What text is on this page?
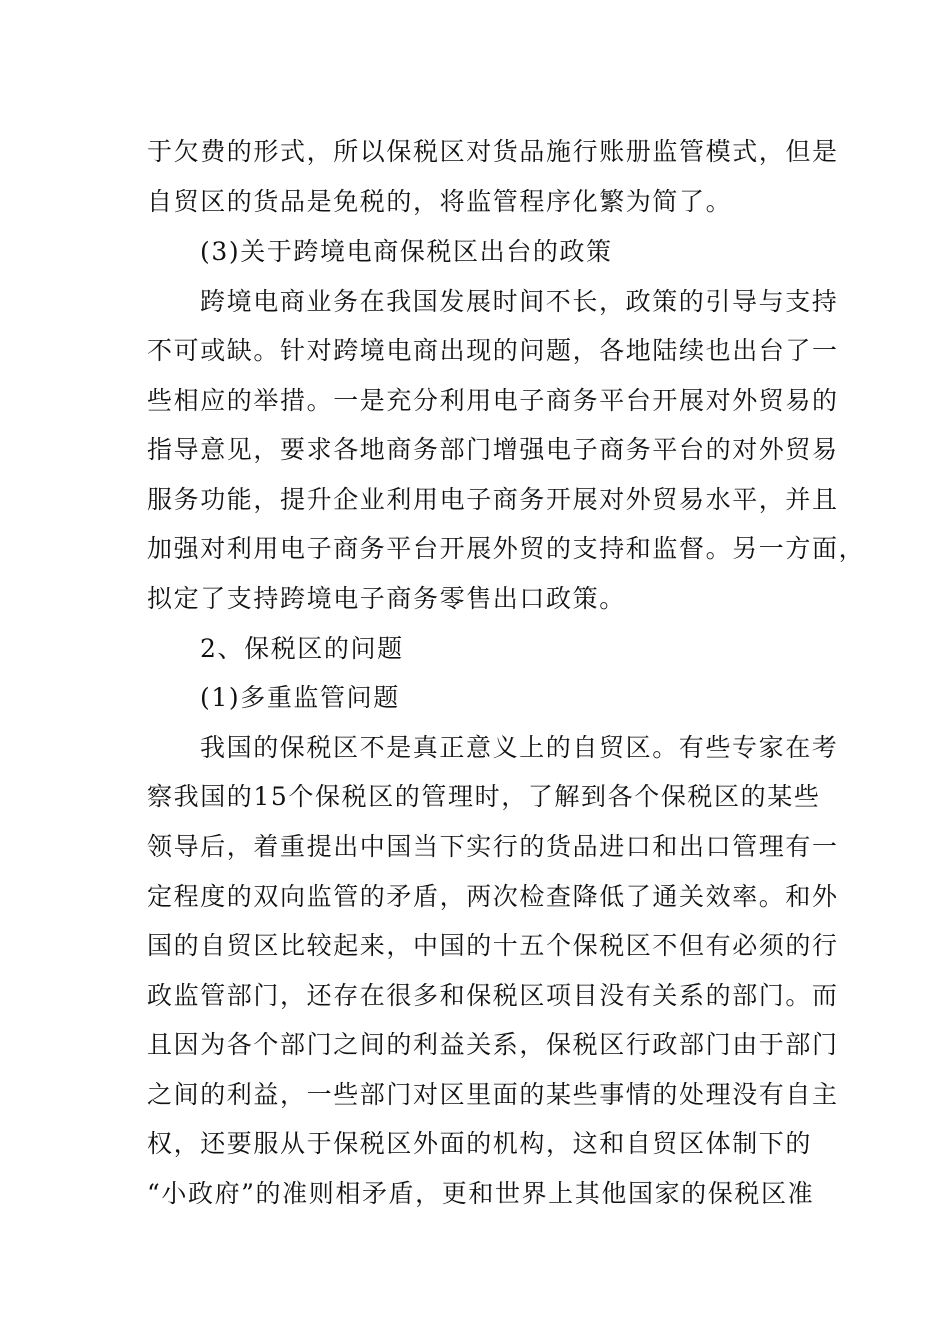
于欠费的形式，所以保税区对货品施行账册监管模式，但是
自贸区的货品是免税的，将监管程序化繁为简了。
(3)关于跨境电商保税区出台的政策
跨境电商业务在我国发展时间不长，政策的引导与支持
不可或缺。针对跨境电商出现的问题，各地陆续也出台了一
些相应的举措。一是充分利用电子商务平台开展对外贸易的
指导意见，要求各地商务部门增强电子商务平台的对外贸易
服务功能，提升企业利用电子商务开展对外贸易水平，并且
加强对利用电子商务平台开展外贸的支持和监督。另一方面，
拟定了支持跨境电子商务零售出口政策。
2、保税区的问题
(1)多重监管问题
我国的保税区不是真正意义上的自贸区。有些专家在考
察我国的15个保税区的管理时，了解到各个保税区的某些
领导后，着重提出中国当下实行的货品进口和出口管理有一
定程度的双向监管的矛盾，两次检查降低了通关效率。和外
国的自贸区比较起来，中国的十五个保税区不但有必须的行
政监管部门，还存在很多和保税区项目没有关系的部门。而
且因为各个部门之间的利益关系，保税区行政部门由于部门
之间的利益，一些部门对区里面的某些事情的处理没有自主
权，还要服从于保税区外面的机构，这和自贸区体制下的
“小政府”的准则相矛盾，更和世界上其他国家的保税区准
